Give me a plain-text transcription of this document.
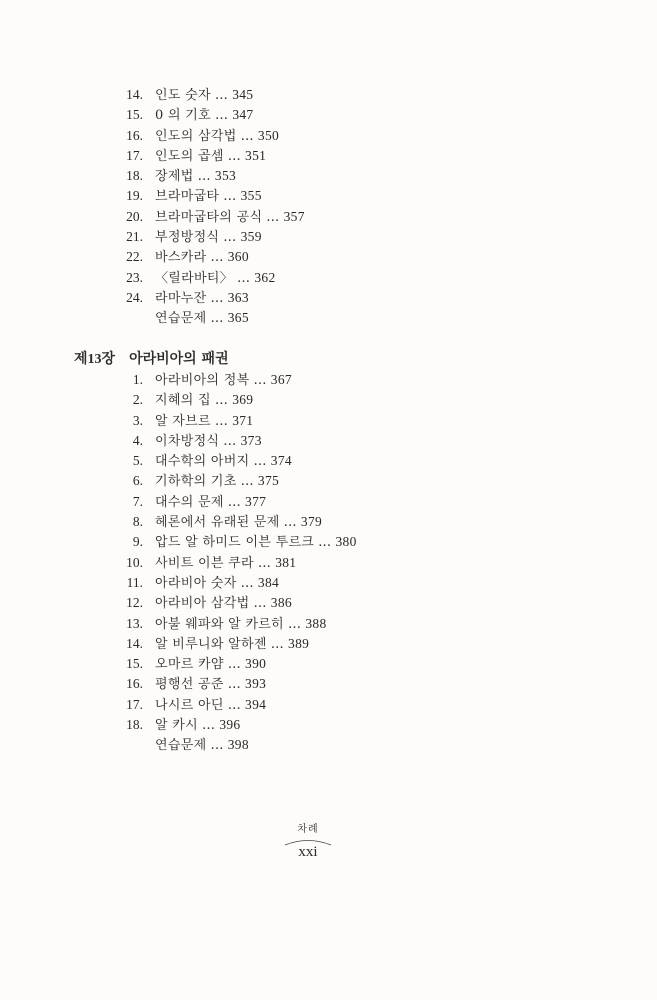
14. 인도 숫자 … 345
15. 0 의 기호 … 347
16. 인도의 삼각법 … 350
17. 인도의 곱셈 … 351
18. 장제법 … 353
19. 브라마굽타 … 355
20. 브라마굽타의 공식 … 357
21. 부정방정식 … 359
22. 바스카라 … 360
23. 〈릴라바티〉 … 362
24. 라마누잔 … 363
연습문제 … 365
제13장 아라비아의 패권
1. 아라비아의 정복 … 367
2. 지혜의 집 … 369
3. 알 자브르 … 371
4. 이차방정식 … 373
5. 대수학의 아버지 … 374
6. 기하학의 기초 … 375
7. 대수의 문제 … 377
8. 헤론에서 유래된 문제 … 379
9. 압드 알 하미드 이븐 투르크 … 380
10. 사비트 이븐 쿠라 … 381
11. 아라비아 숫자 … 384
12. 아라비아 삼각법 … 386
13. 아불 웨파와 알 카르히 … 388
14. 알 비루니와 알하젠 … 389
15. 오마르 카얌 … 390
16. 평행선 공준 … 393
17. 나시르 아딘 … 394
18. 알 카시 … 396
연습문제 … 398
차례
xxi
